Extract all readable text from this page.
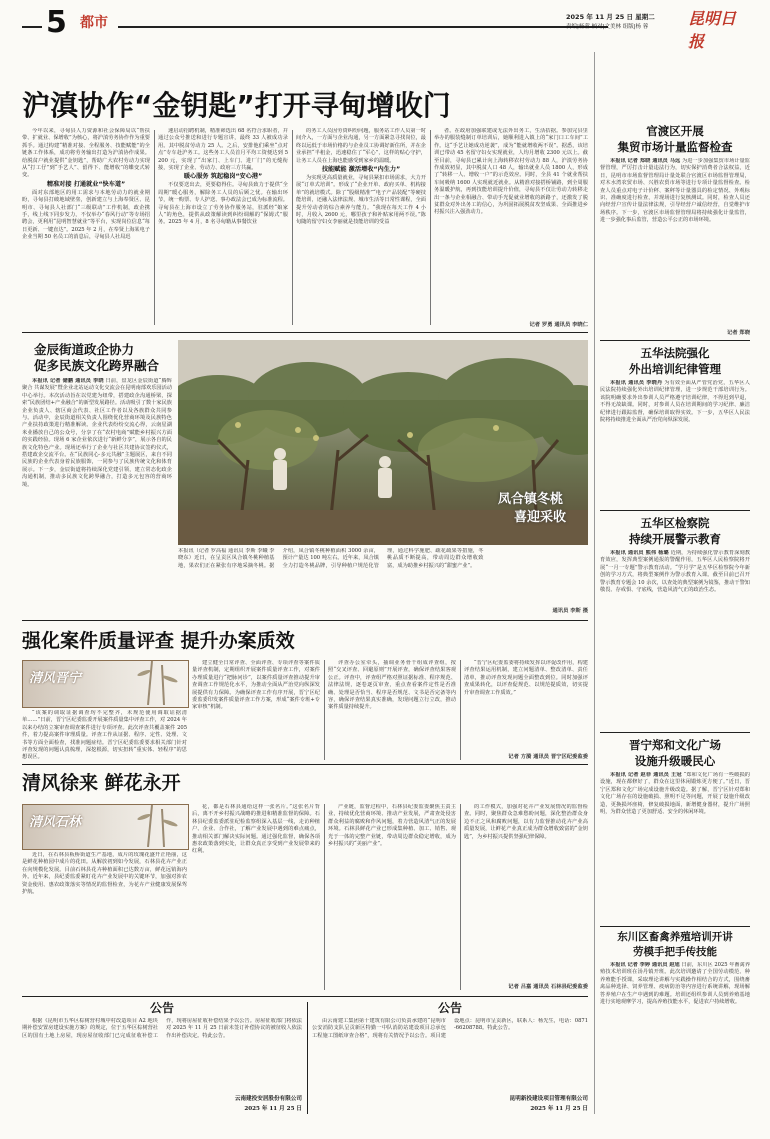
5 都市	2025 年 11 月 25 日 星期二
责编|杨蓉 校对|文美林 组版|杨 蓉	昆明日报
沪滇协作“金钥匙”打开寻甸增收门

今年以来，寻甸县人力资源和社会保障局以“帮扶带、扩就业、保增收”为核心，将沪滇劳务协作作为重要抓手。通过构建“精准对接、全程服务、技能赋能”的全链条工作体系，成功将劳务输出打造为沪滇协作成果。给脱贫户就业提供“金钥匙”，帮助广大农村劳动力实现从“打工仔”到“手艺人”、留得下、能增收”的蝶变式转变。

精准对接 打通就业“快车道”

面对东部地区的用工需求与本地劳动力的就业期盼，寻甸县打破地域壁垒，创新建立与上海奉贤区、昆明市、寻甸县人社部门“三级联动”工作机制，政企携手，线上线下同步发力，不仅举办“春风行动”等专场招聘会，更利用“昆明智慧就业”等平台，实现岗位信息“每日更新、一键直达”。2025 年 2 月，在奉贤上海某电子企业当期 50 名员工的消息后，寻甸县人社局迅

速启动招聘机制，精准筛选出 68 名符合求职者，并通过公众号推送和进行专题宣讲，最终 33 人被成功录用。其中脱贫劳动力 25 人。之后，安排他们乘坐“点对点”专车赴沪务工。这些务工人员首月平均工资便达到 5200 元，实现了“出家门、上车门、进厂门”的无缝衔接，实现了企业、劳动力、政府三方共赢。

暖心服务 筑起稳岗“安心港”

不仅要送出去，更要稳得住。寻甸县致力于提供“全周期”暖心服务，解除务工人员的后顾之忧。在输出环节，统一购票、专人护送、事办政法会已成为标准流程。寻甸县在上海市设立了劳务协作服务站，驻派经“娘家人”的角色，提供从政策解读到纠纷调解的“保姆式”服务。2025 年 4 月，8 名寻甸籍从事餐饮业

的务工人员因劳资纠纷问题，服务站工作人员第一时间介入，一方面与企业沟通，另一方面紧急寻找岗位，最终以远低于市场价格的与企业员工协调好新住所，并在企业承担“半租金，迅速稳住了“军心”，这样的贴心守护，让务工人员在上海也能感受到家乡的温暖。

技能赋能 激活增收“内生力”

为实现更高质量就业，寻甸县紧扣市场需求，大力开展“订单式培训”。形成了“企业开单、政府买单、机构接单”的就培模式。除了“股级精准”“电子产品装配”等硬技能培训，还融入法律法规、城市生活等日常性课程，全面提升劳动者的综合素养与能力。“我现在每天工作 4 小时，月收入 2600 元，哪里孩子和补贴家用两不误。”陈旬随的留守妇女李丽就是技能培训的受益

者。在政府加强联建或无法外出务工，生活拮据。参加完县里举办的服装缝制订单培训后，她顺利进入镇上的“家门口工车间”工作。这“手艺让她成功逆袭”，成为“能就增收两不误”。据悉，该培训已带动 45 名留守妇女实现就业，人均月增收 2300 元以上。截至目前，寻甸县已累计向上海转移农村劳动力 88 人，沪滇劳务协作成效初显，其中脱贫人口 48 人，输出就业人员 1800 人，形成了“转移一人、增收一户”的示范效应。同时，全县 41 个就业帮扶车间吸纳 1600 人实现就近就业。从精准对接搭桥铺路，到全周服务温暖护航，再到技能培训提升价值，寻甸县不仅让劳动力转移走出一条与企业相融合、带动手光促就业增收的新路子，还激发了脱贫群众对外出务工的信心，为巩固拓展脱贫攻坚成果、全面推进乡村振兴注入强劲动力。

记者 罗勇 通讯员 李晓仁
金辰街道政企协力
促多民族文化跨界融合

本报讯 记者 储鹏 通讯员 李晓 日前，盘龙区金辰街道“腾辉聚合 共谋发展”暨企业北站运动文化交流会在昆明南部欢乐园活动中心举行。本次活动旨在以党建为纽带，搭建政企沟通桥梁，探索“民族团结+产业融合”的新型发展路径。活动吸引了数十家民族企业负责人、辖区商会代表、社区工作者以及各族群众共同参与。活动中，金辰街道相关负责人围绕优化营商环境及民族特色产业扶持政策进行精准解读。企业代表纷纷交流心得，云南星湖米业播放自己的公众号，分享了在“农村电商”赋能乡村振兴方面的实践经验。现场 6 家企业依次进行“新鲜分享”，展示各自的民族文化特色产业。现场还举行了企业与社区共建协议签约仪式，搭建政企交流平台。在“民族同心·多元共融”主题展区，来自不同民族的企业代表身着民族服饰，一同参与了民族传统文化和体育展示。下一步，金辰街道将持续深化党建引领，建立常态化政企沟通机制，推动多民族文化跨界融合，打造多元包容的营商环境。

凤合镇冬桃
喜迎采收
本报讯（记者 罗高福 通讯员 李斯 李曦 李晓东）近日，在呈贡区凤合镇冬桃种植基地，果农们正在紧张有序地采摘冬桃。据介绍，凤合镇冬桃种植面积 3000 余亩，预计产量达 100 吨左右。近年来，凤合镇全力打造冬桃品牌，引导种植户规范化管理，通过科学施肥、疏花疏果等措施，冬桃品质不断提高，带动周边群众增收致富，成为助推乡村振兴的“甜蜜产业”。
通讯员 李斯 摄
官渡区开展
集贸市场计量监督检查

本报讯 记者 郑晓 通讯员 马远 为进一步加强集贸市场计量监督管理，严厉打击计量违法行为，切实保护消费者合法权益，近日，昆明市市场监督管理局计量处联合官渡区市场监督管理局，对木水湾农贸市场、兴胜农贸市场等进行专项计量监督检查。检查人员重点对电子计价秤、案秤等计量器具的检定情况、外观标识、准确度进行检查，并现场进行复核测试。同时，检查人员还向经营户宣传计量法律法规，引导经营户诚信经营，自觉维护市场秩序。下一步，官渡区市场监督管理局将持续强化计量监管，进一步强化事后监管，营造公平公正的市场环境。

记者 郑晓
五华法院强化
外出培训纪律管理

本报讯 通讯员 李晓丹 为有效全面从严管党治党，五华区人民法院持续强化外出培训纪律管理，进一步规范干部培训行为。该院明确要求外出参训人员严格遵守培训纪律，不得迟到早退，不得无故缺课。同时，对参训人员在培训期间的学习纪律、廉洁纪律进行跟踪监督，确保培训取得实效。下一步，五华区人民法院将持续推进全面从严治党向纵深发展。

五华区检察院
持续开展警示教育

本报讯 通讯员 熊伟 杨璐 近期，为持续强化警示教育深刻教育效应，发挥典型案例通报的警醒作用，五华区人民检察院将开展“一月一专题”警示教育活动。“学月学”是五华区检察院今年新创的学习方式，将典型案例作为警示教育入课。截至目前已召开警示教育专题会 10 余次，以查处的典型案例为镜鉴，推动干警知敬畏、存戒惧、守底线，营造风清气正的政治生态。

晋宁郑和文化广场
设施升级暖民心

本报讯 记者 赵菲 通讯员 王冠 “郑和文化广场有一些破损的设施，现在都修好了，群众在这里休闲锻炼更方便了。”近日，晋宁区郑和文化广场完成设施升级改造。据了解，晋宁区针对郑和文化广场存在的设施破损、照明不足等问题，开展了设施升级改造，更换损坏座椅，修复破损地面，新增健身器材，提升广场照明，为群众营造了更加舒适、安全的休闲环境。

东川区畜禽养殖培训开讲
劳模手把手传技能

本报讯 记者 李婷 通讯员 赵旭 日前，东川区 2025 年畜禽养殖技术培训班在汤丹镇开班。此次培训邀请了全国劳动模范、种养殖能手授课，采取理论讲解与实践操作相结合的方式，围绕畜禽品种选择、饲养管理、疫病防治等内容进行系统讲解，现场解答养殖户在生产中遇到的难题。培训还组织参训人员到养殖基地进行实地观摩学习，提高养殖技能水平，促进农户持续增收。

强化案件质量评查 提升办案质效
清风晋宁

“该案的调取证据调查均不完整齐，未规范使用调取证据清单……”日前，晋宁区纪委监委开展案件质量集中评查工作，对 2024 年以来办结的立案审查调查案件进行专项评查。此次评查共覆盖案件 205 件，着力提高案件审理质量。评查工作从证据、程序、定性、处理、文书等方面全面检查，找准问题症结。晋宁区纪委监委要求相关部门针对评查发现的问题认真梳理，深挖根源，切实扭转“重实体、轻程序”的思想误区。

建立健全日常评查、全面评查、专项评查等案件质量评查机制，定期组织开展案件质量评查工作，对案件办理质量进行“把脉问诊”，以案件质量评查推动提升审查调查工作规范化水平，为推动全面从严治党向纵深发展提供有力保障。为确保评查工作有序开展，晋宁区纪委监委印发案件质量评查工作方案，形成“案件专班+专家审核”机制。

评查办公室牵头，抽调业务骨干组成评查组，按照“交叉评查、回避原则”开展评查，确保评查结果客观公正。评查中，评查组严格对照证据标准、程序规范、法律法规，逐卷逐页审查，重点查看案件定性是否准确、处理是否恰当、程序是否规范、文书是否完备等内容，确保评查结果真实准确，发现问题立行立改，推动案件质量持续提升。

“晋宁区纪委监委将持续发挥以评促改作用，构建评查结果运用机制，建立问题清单、整改清单、责任清单，推动评查发现问题全面整改到位。同时加强评查成果转化，以评查促规范、以规范提质效，切实提升审查调查工作质效。”

记者 方漪 通讯员 晋宁区纪委监委
清风徐来 鲜花永开
清风石林

近日，在石林县板桥街道生产基地，成片的玫瑰花盛开正艳丽，这是鲜花种植园中成片的花田。从解放初到如今发展，石林县花卉产业正在向规模化发展。目前石林县花卉种植面积已达数万亩，鲜花远销海内外。近年来，县纪委监委紧盯花卉产业发展中的关键环节，加强对涉农资金使用、惠农政策落实等情况的监督检查，为花卉产业健康发展保驾护航。

花，都是石林县通给这样一张名片。”这张名片背后，离不开乡村振兴战略的推进和精准监督的保障。石林县纪委监委派驻纪检监察组深入基层一线，走访种植户、企业、合作社，了解产业发展中遇到的难点痛点，推动相关部门解决实际问题。通过强化监督，确保各项惠农政策落到实处，让群众真正享受到产业发展带来的红利。

产业链，监督过程中，石林县纪委监委聚焦主责主业，持续优化营商环境、推动产业发展，严肃查处侵害群众利益的腐败和作风问题，着力营造风清气正的发展环境。石林县鲜花产业已形成集种植、加工、销售、观光于一体的完整产业链，带动周边群众稳定增收，成为乡村振兴的“美丽产业”。

的工作模式，加强对花卉产业发展情况的监督检查。同时，聚焦群众急难愁盼问题，深化整治群众身边不正之风和腐败问题，以有力监督推动花卉产业高质量发展，让鲜花产业真正成为群众增收致富的“金钥匙”，为乡村振兴提供坚强纪律保障。

记者 吕嘉 通讯员 石林县纪委监委
公告

根据《昆明市五华区棕树营村城中村改造项目 A2 地块期补偿安置房建设实施方案》的规定，位于五华区棕树营社区的国有土地上房屋，现房屋征收部门已完成征收补偿工作，现将房屋征收补偿结果予以公告。房屋征收部门将依法对 2025 年 11 月 25 日前未签订补偿协议的被征收人依法作出补偿决定。特此公告。

云南建投安居股份有限公司
2025 年 11 月 25 日
公告

由云南建工集团第十建筑有限公司负责承建的“昆明市公安消防支队呈贡新区特勤一中队消防站建设项目总承包工程施工图纸审查合格”，现将有关情况予以公告。项目建设地点：昆明市呈贡新区，联系人：杨先生，电话：0871-66208788。特此公告。

昆明新投建设项目管理有限公司
2025 年 11 月 25 日
